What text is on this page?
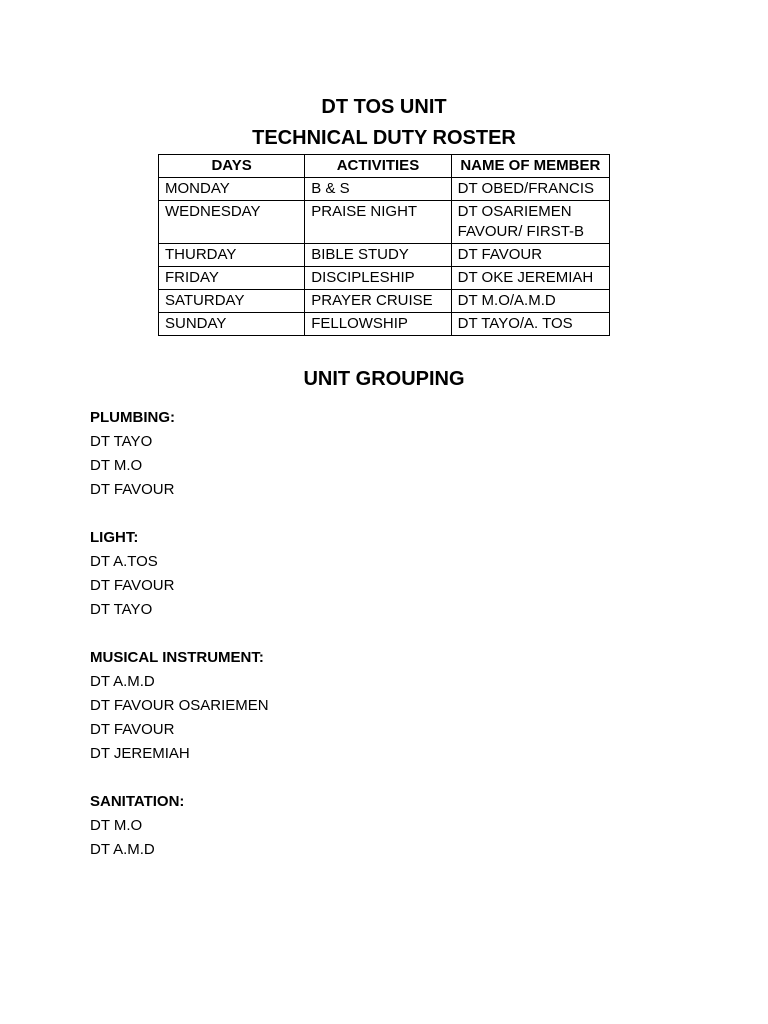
DT TOS UNIT
TECHNICAL DUTY ROSTER
DAYS	ACTIVITIES	NAME OF MEMBER
MONDAY	B & S	DT OBED/FRANCIS
WEDNESDAY	PRAISE NIGHT	DT OSARIEMEN FAVOUR/ FIRST-B
THURDAY	BIBLE STUDY	DT FAVOUR
FRIDAY	DISCIPLESHIP	DT OKE JEREMIAH
SATURDAY	PRAYER CRUISE	DT M.O/A.M.D
SUNDAY	FELLOWSHIP	DT TAYO/A. TOS
UNIT GROUPING
PLUMBING:
DT TAYO
DT M.O
DT FAVOUR
LIGHT:
DT A.TOS
DT FAVOUR
DT TAYO
MUSICAL INSTRUMENT:
DT A.M.D
DT FAVOUR OSARIEMEN
DT FAVOUR
DT JEREMIAH
SANITATION:
DT M.O
DT A.M.D
